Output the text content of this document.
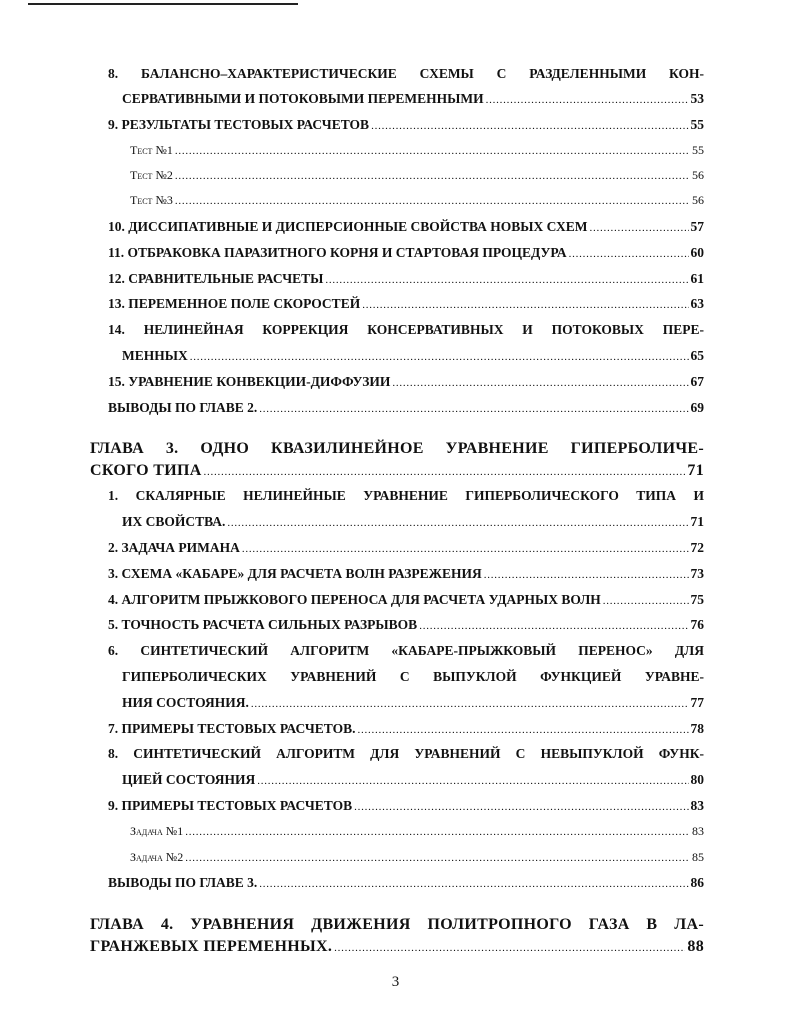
8. БАЛАНСНО–ХАРАКТЕРИСТИЧЕСКИЕ СХЕМЫ С РАЗДЕЛЕННЫМИ КОН-
СЕРВАТИВНЫМИ И ПОТОКОВЫМИ ПЕРЕМЕННЫМИ . . .	53
9. РЕЗУЛЬТАТЫ ТЕСТОВЫХ РАСЧЕТОВ . . .	55
Тест №1 . . .	55
Тест №2 . . .	56
Тест №3 . . .	56
10. ДИССИПАТИВНЫЕ И ДИСПЕРСИОННЫЕ СВОЙСТВА НОВЫХ СХЕМ . . .	57
11. ОТБРАКОВКА ПАРАЗИТНОГО КОРНЯ И СТАРТОВАЯ ПРОЦЕДУРА . . .	60
12. СРАВНИТЕЛЬНЫЕ РАСЧЕТЫ . . .	61
13. ПЕРЕМЕННОЕ ПОЛЕ СКОРОСТЕЙ . . .	63
14. НЕЛИНЕЙНАЯ КОРРЕКЦИЯ КОНСЕРВАТИВНЫХ И ПОТОКОВЫХ ПЕРЕ-
МЕННЫХ . . .	65
15. УРАВНЕНИЕ КОНВЕКЦИИ-ДИФФУЗИИ . . .	67
ВЫВОДЫ ПО ГЛАВЕ 2. . . .	69
ГЛАВА 3. ОДНО КВАЗИЛИНЕЙНОЕ УРАВНЕНИЕ ГИПЕРБОЛИЧЕ-
СКОГО ТИПА . . .	71
1. СКАЛЯРНЫЕ НЕЛИНЕЙНЫЕ УРАВНЕНИЕ ГИПЕРБОЛИЧЕСКОГО ТИПА И
ИХ СВОЙСТВА. . . .	71
2. ЗАДАЧА РИМАНА . . .	72
3. СХЕМА «КАБАРЕ» ДЛЯ РАСЧЕТА ВОЛН РАЗРЕЖЕНИЯ . . .	73
4. АЛГОРИТМ ПРЫЖКОВОГО ПЕРЕНОСА ДЛЯ РАСЧЕТА УДАРНЫХ ВОЛН . . .	75
5. ТОЧНОСТЬ РАСЧЕТА СИЛЬНЫХ РАЗРЫВОВ . . .	76
6. СИНТЕТИЧЕСКИЙ АЛГОРИТМ «КАБАРЕ-ПРЫЖКОВЫЙ ПЕРЕНОС» ДЛЯ
ГИПЕРБОЛИЧЕСКИХ УРАВНЕНИЙ С ВЫПУКЛОЙ ФУНКЦИЕЙ УРАВНЕ-
НИЯ СОСТОЯНИЯ. . . .	77
7. ПРИМЕРЫ ТЕСТОВЫХ РАСЧЕТОВ. . . .	78
8. СИНТЕТИЧЕСКИЙ АЛГОРИТМ ДЛЯ УРАВНЕНИЙ С НЕВЫПУКЛОЙ ФУНК-
ЦИЕЙ СОСТОЯНИЯ . . .	80
9. ПРИМЕРЫ ТЕСТОВЫХ РАСЧЕТОВ . . .	83
Задача №1 . . .	83
Задача №2 . . .	85
ВЫВОДЫ ПО ГЛАВЕ 3. . . .	86
ГЛАВА 4. УРАВНЕНИЯ ДВИЖЕНИЯ ПОЛИТРОПНОГО ГАЗА В ЛА-
ГРАНЖЕВЫХ ПЕРЕМЕННЫХ. . . .	88
3
